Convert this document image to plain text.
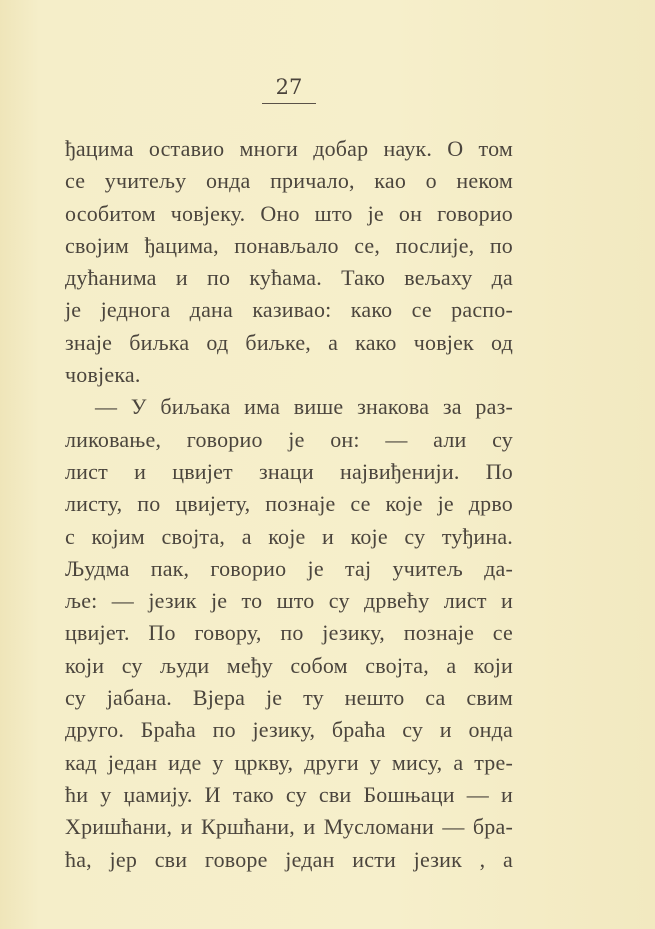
27
ђацима оставио многи добар наук. О том
се учитељу онда причало, као о неком
особитом човјеку. Оно што је он говорио
својим ђацима, понављало се, послије, по
дућанима и по кућама. Тако вељаху да
је једнога дана казивао: како се распо-
знаје биљка од биљке, а како човјек од
човјека.
— У биљака има више знакова за раз-
ликовање, говорио је он: — али су
лист и цвијет знаци највиђенији. По
листу, по цвијету, познаје се које је дрво
с којим својта, а које и које су туђина.
Људма пак, говорио је тај учитељ да-
ље: — језик је то што су дрвећу лист и
цвијет. По говору, по језику, познаје се
који су људи међу собом својта, а који
су јабана. Вјера је ту нешто са свим
друго. Браћа по језику, браћа су и онда
кад један иде у цркву, други у мису, а тре-
ћи у џамију. И тако су сви Бошњаци — и
Хришћани, и Кршћани, и Мусломани — бра-
ћа, јер сви говоре један исти језик , а
